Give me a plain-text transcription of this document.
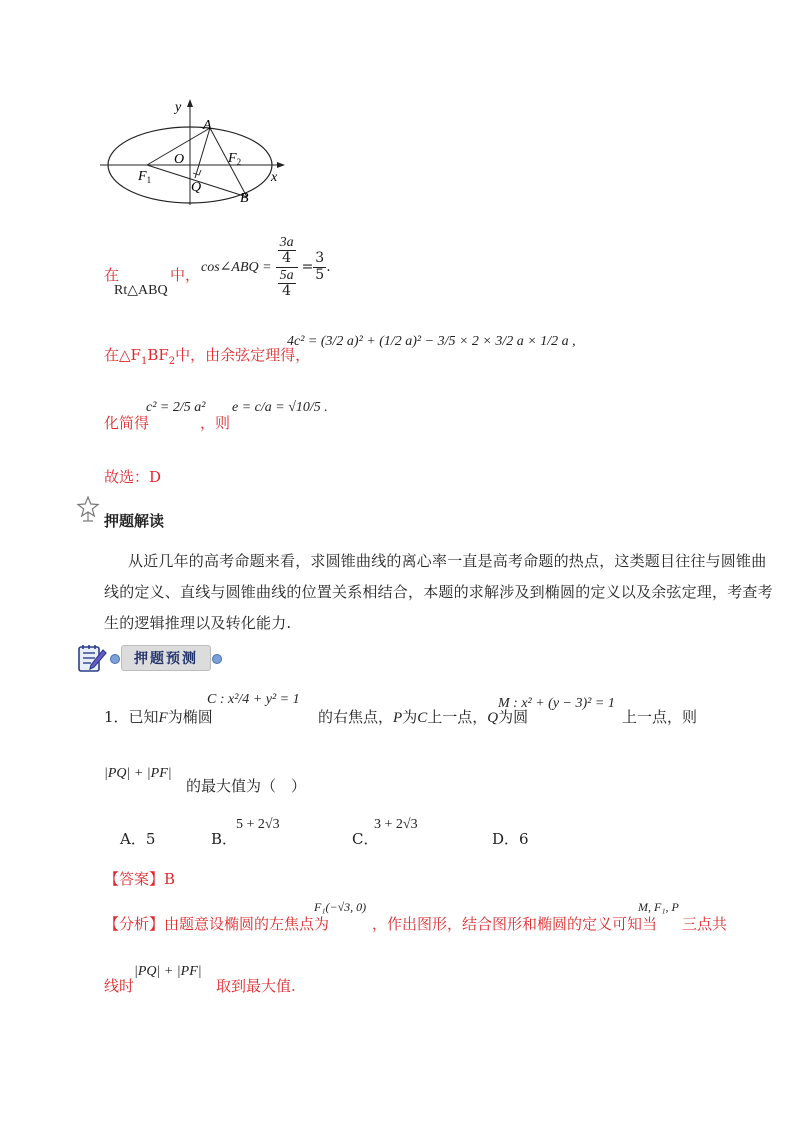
y
x
A
O	$F_2$
$F_1$	Q
B
在
Rt△ABQ
中， cos∠ABQ = $\frac{\frac{3a}{4}}{\frac{5a}{4}} = \frac{3}{5}$ .
在$\triangle F_1BF_2$中，由余弦定理得，
4c² = (3/2 a)² + (1/2 a)² − 3/5 × 2 × 3/2 a × 1/2 a ,
化简得
c² = 2/5 a²
，则
e = c/a = √10/5 .
故选：D
押题解读
从近几年的高考命题来看，求圆锥曲线的离心率一直是高考命题的热点，这类题目往往与圆锥曲
线的定义、直线与圆锥曲线的位置关系相结合，本题的求解涉及到椭圆的定义以及余弦定理，考查考
生的逻辑推理以及转化能力.
押题预测
1．已知F为椭圆
C : x²/4 + y² = 1
的右焦点，P为C上一点，Q为圆
M : x² + (y − 3)² = 1
上一点，则
|PQ| + |PF|
的最大值为（　）
A．5	B．
5 + 2√3
C．
3 + 2√3
D．6
【答案】B
【分析】由题意设椭圆的左焦点为
F₁(−√3, 0)
，作出图形，结合图形和椭圆的定义可知当
M, F₁, P
三点共
线时
|PQ| + |PF|
取到最大值.
